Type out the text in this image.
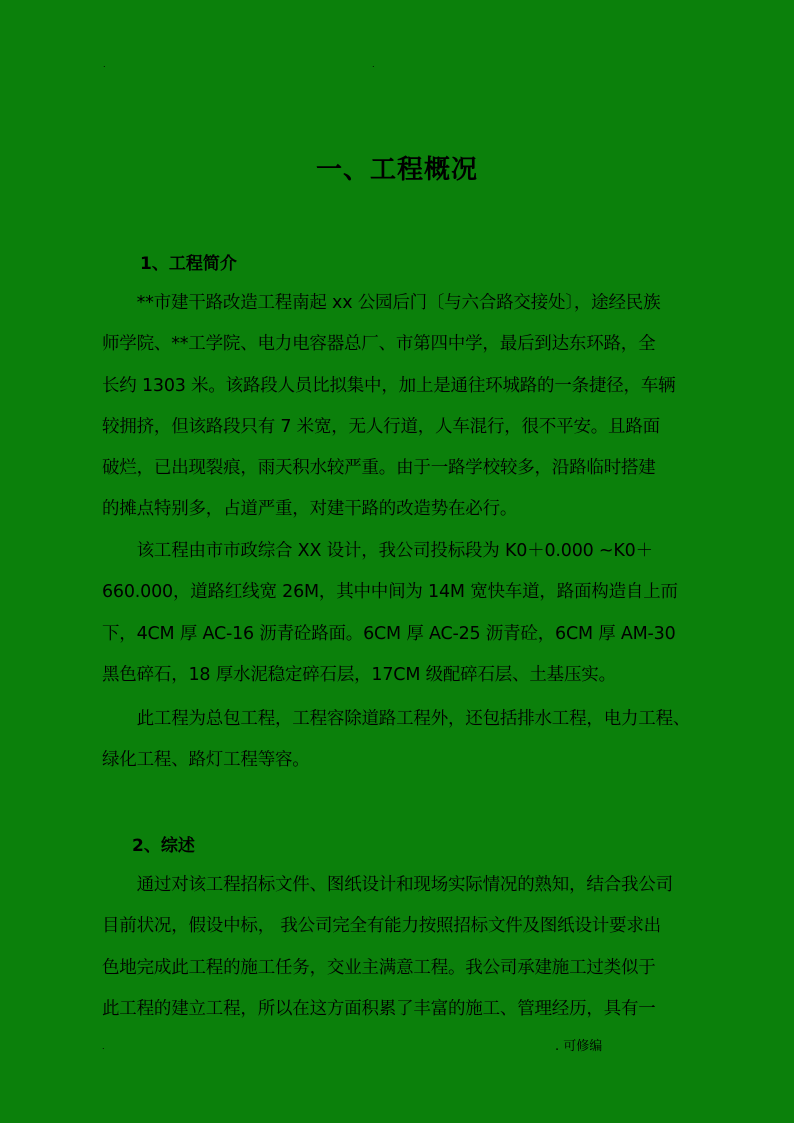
.	.
一、工程概况
1、工程简介
　　**市建干路改造工程南起 xx 公园后门〔与六合路交接处〕，途经民族
师学院、**工学院、电力电容器总厂、市第四中学，最后到达东环路，全
长约 1303 米。该路段人员比拟集中，加上是通往环城路的一条捷径，车辆
较拥挤，但该路段只有 7 米宽，无人行道，人车混行，很不平安。且路面
破烂，已出现裂痕，雨天积水较严重。由于一路学校较多，沿路临时搭建
的摊点特别多，占道严重，对建干路的改造势在必行。
　　该工程由市市政综合 XX 设计，我公司投标段为 K0＋0.000 ~K0＋
660.000，道路红线宽 26M，其中中间为 14M 宽快车道，路面构造自上而
下，4CM 厚 AC-16 沥青砼路面。6CM 厚 AC-25 沥青砼，6CM 厚 AM-30
黑色碎石，18 厚水泥稳定碎石层，17CM 级配碎石层、土基压实。
　　此工程为总包工程，工程容除道路工程外，还包括排水工程，电力工程、
绿化工程、路灯工程等容。
2、综述
　　通过对该工程招标文件、图纸设计和现场实际情况的熟知，结合我公司
目前状况，假设中标， 我公司完全有能力按照招标文件及图纸设计要求出
色地完成此工程的施工任务，交业主满意工程。我公司承建施工过类似于
此工程的建立工程，所以在这方面积累了丰富的施工、管理经历，具有一
.	. 可修编
